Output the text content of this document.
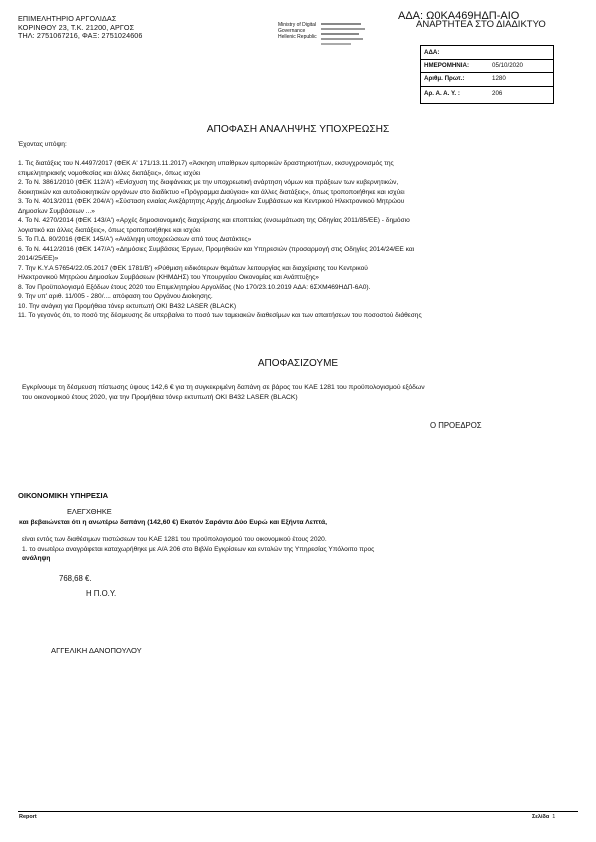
ΕΠΙΜΕΛΗΤΗΡΙΟ ΑΡΓΟΛΙΔΑΣ
ΚΟΡΙΝΘΟΥ 23, Τ.Κ. 21200, ΑΡΓΟΣ
ΤΗΛ: 2751067216, ΦΑΞ: 2751024606
Ministry of Digital
Governance
Hellenic Republic
ΑΔΑ: Ω0ΚΑ469ΗΔΠ-ΑΙΟ
ΑΝΑΡΤΗΤΕΑ ΣΤΟ ΔΙΑΔΙΚΤΥΟ
ΑΔΑ:
ΗΜΕΡΟΜΗΝΙΑ:	05/10/2020
Αριθμ. Πρωτ.:	1280
Αρ. Α. Α. Υ. :	206
ΑΠΟΦΑΣΗ ΑΝΑΛΗΨΗΣ ΥΠΟΧΡΕΩΣΗΣ
Έχοντας υπόψη:

1. Τις διατάξεις του Ν.4497/2017 (ΦΕΚ Α' 171/13.11.2017) «Άσκηση υπαίθριων εμπορικών δραστηριοτήτων, εκσυγχρονισμός της
επιμελητηριακής νομοθεσίας και άλλες διατάξεις», όπως ισχύει
2. Το Ν. 3861/2010 (ΦΕΚ 112/Α') «Ενίσχυση της διαφάνειας με την υποχρεωτική ανάρτηση νόμων και πράξεων των κυβερνητικών,
διοικητικών και αυτοδιοικητικών οργάνων στο διαδίκτυο «Πρόγραμμα Διαύγεια» και άλλες διατάξεις», όπως τροποποιήθηκε και ισχύει
3. Το Ν. 4013/2011 (ΦΕΚ 204/Α') «Σύσταση ενιαίας Ανεξάρτητης Αρχής Δημοσίων Συμβάσεων και Κεντρικού Ηλεκτρονικού Μητρώου
Δημοσίων Συμβάσεων ...»
4. Το Ν. 4270/2014 (ΦΕΚ 143/Α') «Αρχές δημοσιονομικής διαχείρισης και εποπτείας (ενσωμάτωση της Οδηγίας 2011/85/ΕΕ) - δημόσιο
λογιστικό και άλλες διατάξεις», όπως τροποποιήθηκε και ισχύει
5. Το Π.Δ. 80/2016 (ΦΕΚ 145/Α') «Ανάληψη υποχρεώσεων από τους Διατάκτες»
6. Το Ν. 4412/2016 (ΦΕΚ 147/Α') «Δημόσιες Συμβάσεις Έργων, Προμηθειών και Υπηρεσιών (προσαρμογή στις Οδηγίες 2014/24/ΕΕ και
2014/25/ΕΕ)»
7. Την Κ.Υ.Α 57654/22.05.2017 (ΦΕΚ 1781/Β') «Ρύθμιση ειδικότερων θεμάτων λειτουργίας και διαχείρισης του Κεντρικού
Ηλεκτρονικού Μητρώου Δημοσίων Συμβάσεων (ΚΗΜΔΗΣ) του Υπουργείου Οικονομίας και Ανάπτυξης»
8. Τον Προϋπολογισμό Εξόδων έτους 2020 του Επιμελητηρίου Αργολίδας (Νο 170/23.10.2019 ΑΔΑ: 6ΣΧΜ469ΗΔΠ-6Α0).
9. Την υπ' αριθ. 11/005 - 280/.... απόφαση του Οργάνου Διοίκησης.
10. Την ανάγκη για Προμήθεια τόνερ εκτυπωτή OKI B432 LASER (BLACK)
11. Το γεγονός ότι, το ποσό της δέσμευσης δε υπερβαίνει το ποσό των ταμειακών διαθεσίμων και των απαιτήσεων του ποσοστού διάθεσης
ΑΠΟΦΑΣΙΖΟΥΜΕ
Εγκρίνουμε τη δέσμευση πίστωσης ύψους 142,6 € για τη συγκεκριμένη δαπάνη σε βάρος του ΚΑΕ 1281 του προϋπολογισμού εξόδων
του οικονομικού έτους 2020, για την Προμήθεια τόνερ εκτυπωτή OKI B432 LASER (BLACK)
Ο ΠΡΟΕΔΡΟΣ
ΟΙΚΟΝΟΜΙΚΗ ΥΠΗΡΕΣΙΑ
ΕΛΕΓΧΘΗΚΕ
και βεβαιώνεται ότι η ανωτέρω δαπάνη (142,60 €) Εκατόν Σαράντα Δύο Ευρώ και Εξήντα Λεπτά,
είναι εντός των διαθέσιμων πιστώσεων του ΚΑΕ 1281 του προϋπολογισμού του οικονομικού έτους 2020.
1. το ανωτέρω αναγράφεται καταχωρήθηκε με Α/Α 206 στο Βιβλίο Εγκρίσεων και εντολών της Υπηρεσίας Υπόλοιπο προς
ανάληψη
768,68 €.
Η Π.Ο.Υ.
ΑΓΓΕΛΙΚΗ ΔΑΝΟΠΟΥΛΟΥ
Report	Σελίδα 1
